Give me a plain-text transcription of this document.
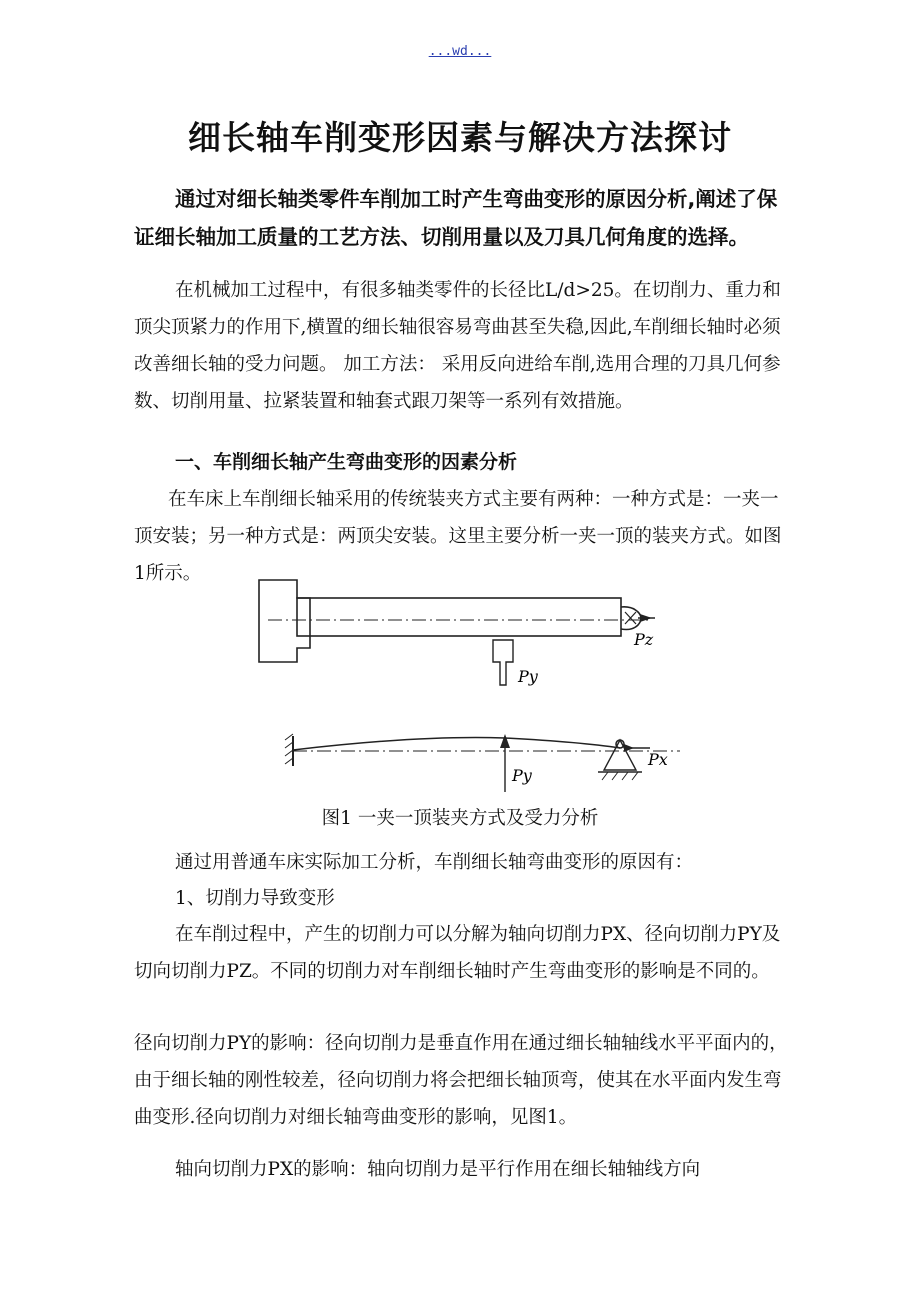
...wd...
细长轴车削变形因素与解决方法探讨
通过对细长轴类零件车削加工时产生弯曲变形的原因分析,阐述了保证细长轴加工质量的工艺方法、切削用量以及刀具几何角度的选择。
在机械加工过程中，有很多轴类零件的长径比L/d>25。在切削力、重力和顶尖顶紧力的作用下,横置的细长轴很容易弯曲甚至失稳,因此,车削细长轴时必须改善细长轴的受力问题。 加工方法： 采用反向进给车削,选用合理的刀具几何参数、切削用量、拉紧装置和轴套式跟刀架等一系列有效措施。
一、车削细长轴产生弯曲变形的因素分析
在车床上车削细长轴采用的传统装夹方式主要有两种：一种方式是：一夹一顶安装；另一种方式是：两顶尖安装。这里主要分析一夹一顶的装夹方式。如图1所示。
Pz
Py
Py
Px
图1 一夹一顶装夹方式及受力分析
通过用普通车床实际加工分析，车削细长轴弯曲变形的原因有：
1、切削力导致变形
在车削过程中，产生的切削力可以分解为轴向切削力PX、径向切削力PY及切向切削力PZ。不同的切削力对车削细长轴时产生弯曲变形的影响是不同的。
径向切削力PY的影响：径向切削力是垂直作用在通过细长轴轴线水平平面内的，由于细长轴的刚性较差，径向切削力将会把细长轴顶弯，使其在水平面内发生弯曲变形.径向切削力对细长轴弯曲变形的影响，见图1。
轴向切削力PX的影响：轴向切削力是平行作用在细长轴轴线方向
